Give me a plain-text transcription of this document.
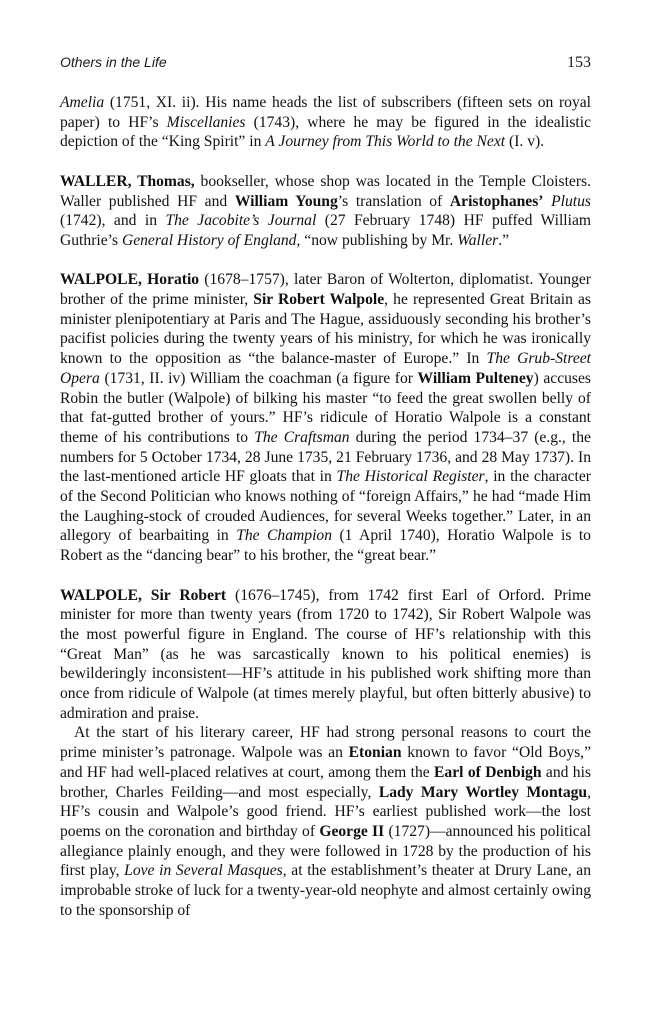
Others in the Life	153

Amelia (1751, XI. ii). His name heads the list of subscribers (fifteen sets on royal paper) to HF’s Miscellanies (1743), where he may be figured in the idealistic depiction of the “King Spirit” in A Journey from This World to the Next (I. v).

WALLER, Thomas, bookseller, whose shop was located in the Temple Cloisters. Waller published HF and William Young’s translation of Aristophanes’ Plutus (1742), and in The Jacobite’s Journal (27 February 1748) HF puffed William Guthrie’s General History of England, “now publishing by Mr. Waller.”

WALPOLE, Horatio (1678–1757), later Baron of Wolterton, diplomatist. Younger brother of the prime minister, Sir Robert Walpole, he represented Great Britain as minister plenipotentiary at Paris and The Hague, assiduously seconding his brother’s pacifist policies during the twenty years of his ministry, for which he was ironically known to the opposition as “the balance-master of Europe.” In The Grub-Street Opera (1731, II. iv) William the coachman (a figure for William Pulteney) accuses Robin the butler (Walpole) of bilking his master “to feed the great swollen belly of that fat-gutted brother of yours.” HF’s ridicule of Horatio Walpole is a constant theme of his contributions to The Craftsman during the period 1734–37 (e.g., the numbers for 5 October 1734, 28 June 1735, 21 February 1736, and 28 May 1737). In the last-mentioned article HF gloats that in The Historical Register, in the character of the Second Politician who knows nothing of “foreign Affairs,” he had “made Him the Laughing-stock of crouded Audiences, for several Weeks together.” Later, in an allegory of bearbaiting in The Champion (1 April 1740), Horatio Walpole is to Robert as the “dancing bear” to his brother, the “great bear.”

WALPOLE, Sir Robert (1676–1745), from 1742 first Earl of Orford. Prime minister for more than twenty years (from 1720 to 1742), Sir Robert Walpole was the most powerful figure in England. The course of HF’s relationship with this “Great Man” (as he was sarcastically known to his political enemies) is bewilderingly inconsistent—HF’s attitude in his published work shifting more than once from ridicule of Walpole (at times merely playful, but often bitterly abusive) to admiration and praise.

At the start of his literary career, HF had strong personal reasons to court the prime minister’s patronage. Walpole was an Etonian known to favor “Old Boys,” and HF had well-placed relatives at court, among them the Earl of Denbigh and his brother, Charles Feilding—and most especially, Lady Mary Wortley Montagu, HF’s cousin and Walpole’s good friend. HF’s earliest published work—the lost poems on the coronation and birthday of George II (1727)—announced his political allegiance plainly enough, and they were followed in 1728 by the production of his first play, Love in Several Masques, at the establishment’s theater at Drury Lane, an improbable stroke of luck for a twenty-year-old neophyte and almost certainly owing to the sponsorship of
